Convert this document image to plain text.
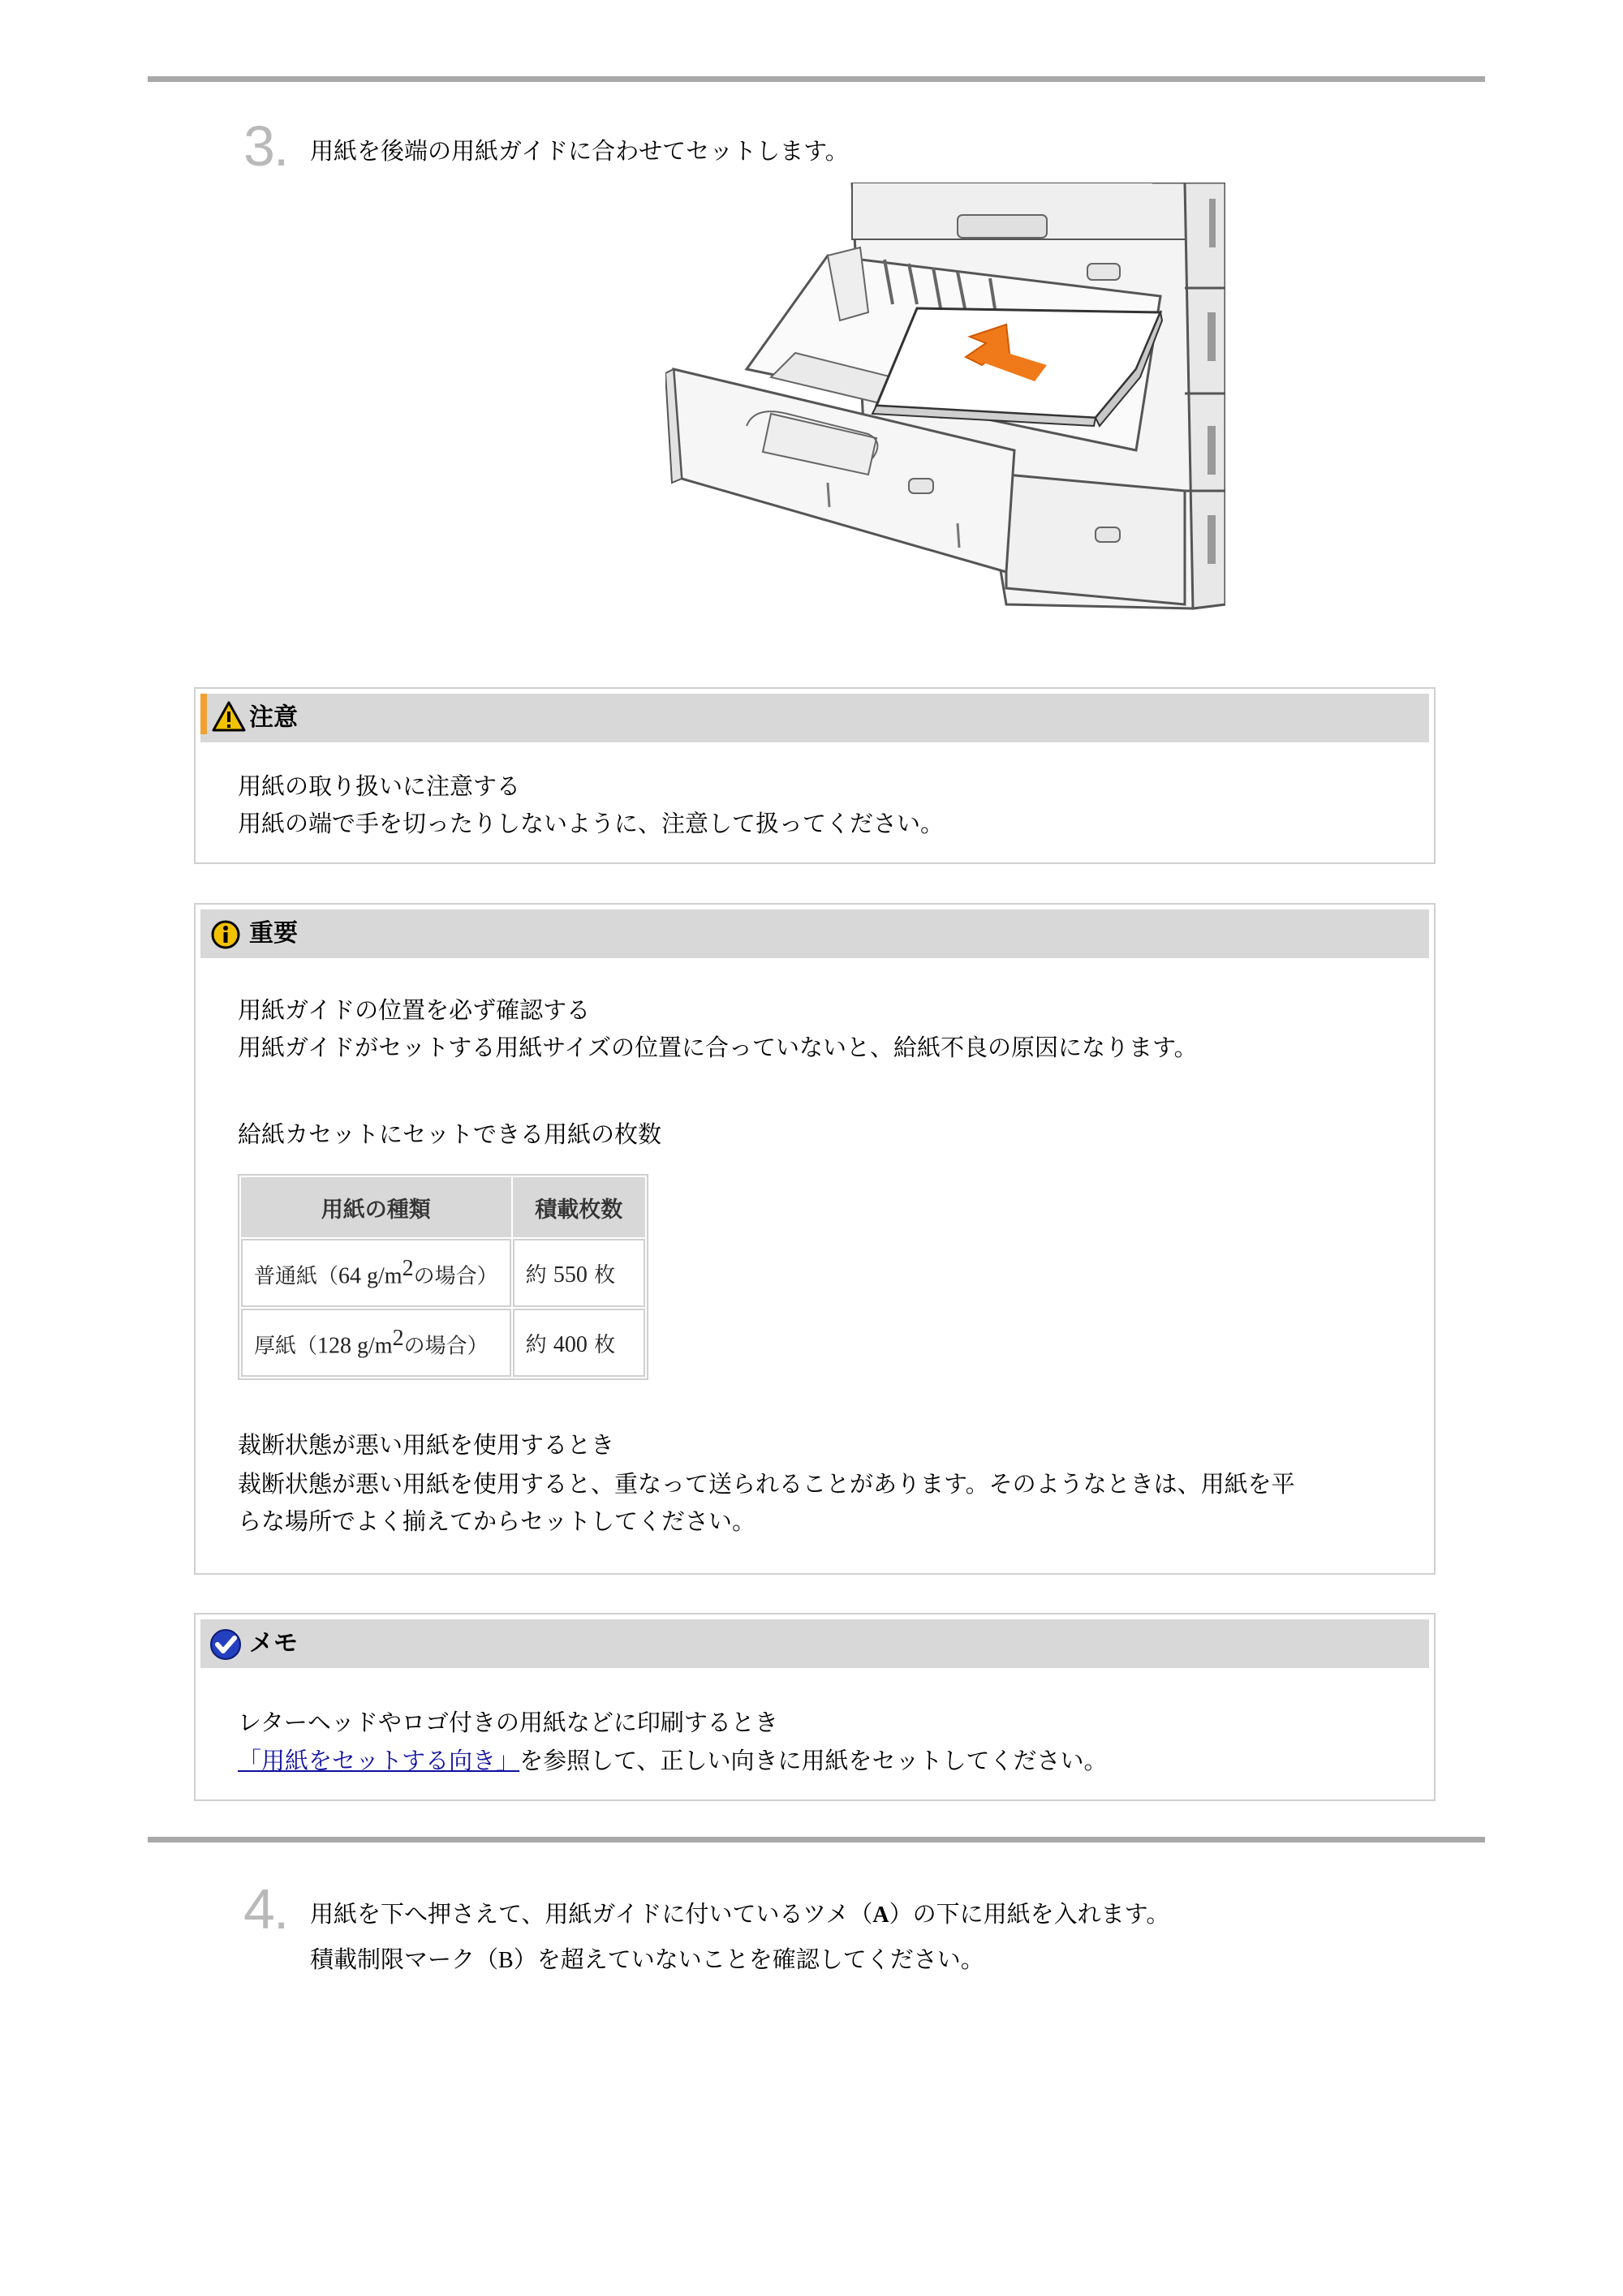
3. 用紙を後端の用紙ガイドに合わせてセットします。
注意
用紙の取り扱いに注意する
用紙の端で手を切ったりしないように、注意して扱ってください。
重要
用紙ガイドの位置を必ず確認する
用紙ガイドがセットする用紙サイズの位置に合っていないと、給紙不良の原因になります。
給紙カセットにセットできる用紙の枚数
用紙の種類	積載枚数
普通紙（64 $g/m^2$の場合）	約 550 枚
厚紙（128 $g/m^2$の場合）	約 400 枚
裁断状態が悪い用紙を使用するとき
裁断状態が悪い用紙を使用すると、重なって送られることがあります。そのようなときは、用紙を平
らな場所でよく揃えてからセットしてください。
メモ
レターヘッドやロゴ付きの用紙などに印刷するとき
「用紙をセットする向き」を参照して、正しい向きに用紙をセットしてください。
4. 用紙を下へ押さえて、用紙ガイドに付いているツメ（A）の下に用紙を入れます。
積載制限マーク（B）を超えていないことを確認してください。
